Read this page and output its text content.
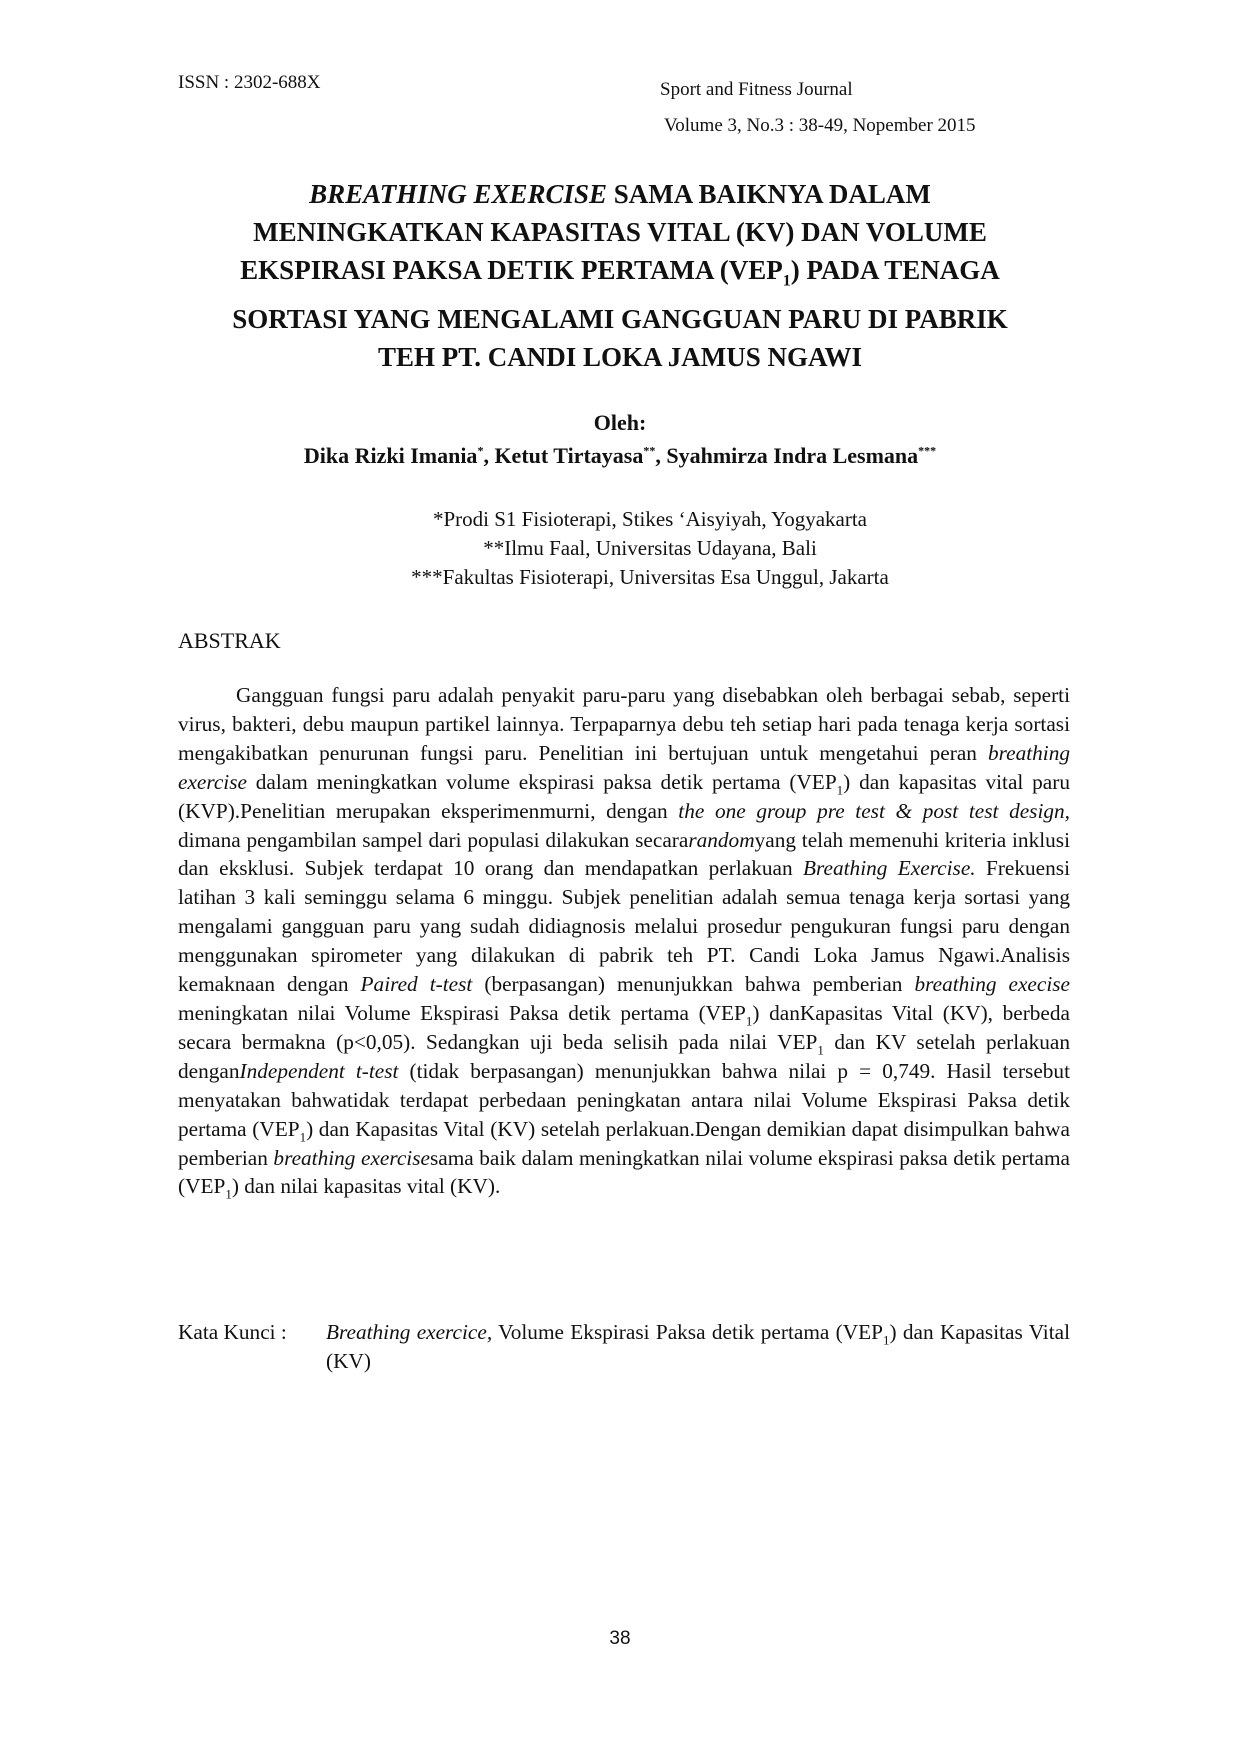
ISSN : 2302-688X	Sport and Fitness Journal
Volume 3, No.3 : 38-49, Nopember 2015
BREATHING EXERCISE SAMA BAIKNYA DALAM
MENINGKATKAN KAPASITAS VITAL (KV) DAN VOLUME
EKSPIRASI PAKSA DETIK PERTAMA $(VEP_1)$ PADA TENAGA
SORTASI YANG MENGALAMI GANGGUAN PARU DI PABRIK
TEH PT. CANDI LOKA JAMUS NGAWI
Oleh:
Dika Rizki Imania*, Ketut Tirtayasa**, Syahmirza Indra Lesmana***
*Prodi S1 Fisioterapi, Stikes ‘Aisyiyah, Yogyakarta
**Ilmu Faal, Universitas Udayana, Bali
***Fakultas Fisioterapi, Universitas Esa Unggul, Jakarta
ABSTRAK

Gangguan fungsi paru adalah penyakit paru-paru yang disebabkan oleh berbagai sebab, seperti virus, bakteri, debu maupun partikel lainnya. Terpaparnya debu teh setiap hari pada tenaga kerja sortasi mengakibatkan penurunan fungsi paru. Penelitian ini bertujuan untuk mengetahui peran breathing exercise dalam meningkatkan volume ekspirasi paksa detik pertama $(VEP_1)$ dan kapasitas vital paru (KVP).Penelitian merupakan eksperimenmurni, dengan the one group pre test & post test design, dimana pengambilan sampel dari populasi dilakukan secararandomyang telah memenuhi kriteria inklusi dan eksklusi. Subjek terdapat 10 orang dan mendapatkan perlakuan Breathing Exercise. Frekuensi latihan 3 kali seminggu selama 6 minggu. Subjek penelitian adalah semua tenaga kerja sortasi yang mengalami gangguan paru yang sudah didiagnosis melalui prosedur pengukuran fungsi paru dengan menggunakan spirometer yang dilakukan di pabrik teh PT. Candi Loka Jamus Ngawi.Analisis kemaknaan dengan Paired t-test (berpasangan) menunjukkan bahwa pemberian breathing execise meningkatan nilai Volume Ekspirasi Paksa detik pertama $(VEP_1)$ danKapasitas Vital (KV), berbeda secara bermakna (p<0,05). Sedangkan uji beda selisih pada nilai $VEP_1$ dan KV setelah perlakuan denganIndependent t-test (tidak berpasangan) menunjukkan bahwa nilai p = 0,749. Hasil tersebut menyatakan bahwatidak terdapat perbedaan peningkatan antara nilai Volume Ekspirasi Paksa detik pertama $(VEP_1)$ dan Kapasitas Vital (KV) setelah perlakuan.Dengan demikian dapat disimpulkan bahwa pemberian breathing exercisesama baik dalam meningkatkan nilai volume ekspirasi paksa detik pertama $(VEP_1)$ dan nilai kapasitas vital (KV).

Kata Kunci :	Breathing exercice, Volume Ekspirasi Paksa detik pertama $(VEP_1)$ dan Kapasitas Vital (KV)
38
